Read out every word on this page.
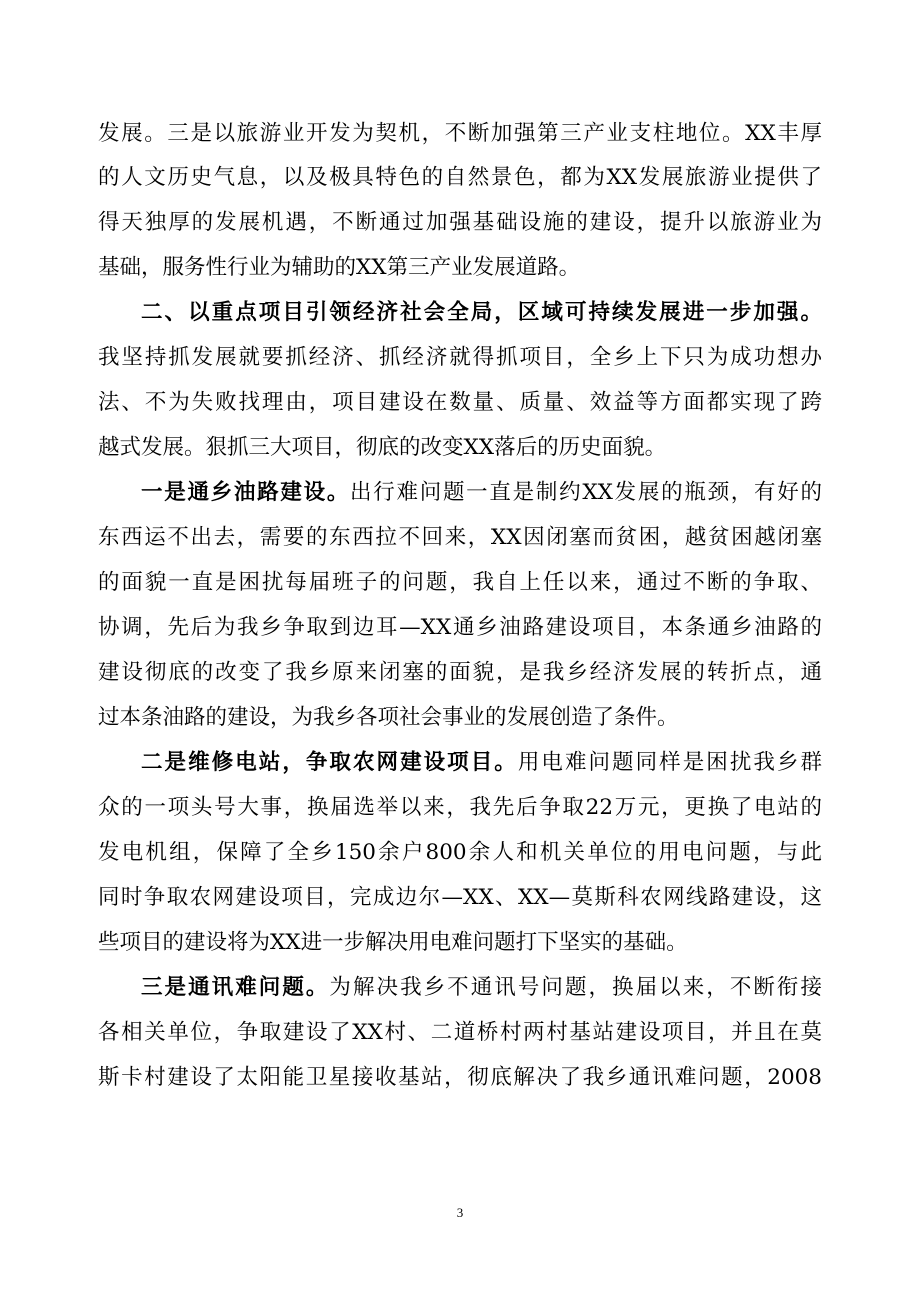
发展。三是以旅游业开发为契机，不断加强第三产业支柱地位。XX丰厚
的人文历史气息，以及极具特色的自然景色，都为XX发展旅游业提供了
得天独厚的发展机遇，不断通过加强基础设施的建设，提升以旅游业为
基础，服务性行业为辅助的XX第三产业发展道路。
二、以重点项目引领经济社会全局，区域可持续发展进一步加强。
我坚持抓发展就要抓经济、抓经济就得抓项目，全乡上下只为成功想办
法、不为失败找理由，项目建设在数量、质量、效益等方面都实现了跨
越式发展。狠抓三大项目，彻底的改变XX落后的历史面貌。
一是通乡油路建设。出行难问题一直是制约XX发展的瓶颈，有好的
东西运不出去，需要的东西拉不回来，XX因闭塞而贫困，越贫困越闭塞
的面貌一直是困扰每届班子的问题，我自上任以来，通过不断的争取、
协调，先后为我乡争取到边耳—XX通乡油路建设项目，本条通乡油路的
建设彻底的改变了我乡原来闭塞的面貌，是我乡经济发展的转折点，通
过本条油路的建设，为我乡各项社会事业的发展创造了条件。
二是维修电站，争取农网建设项目。用电难问题同样是困扰我乡群
众的一项头号大事，换届选举以来，我先后争取22万元，更换了电站的
发电机组，保障了全乡150余户800余人和机关单位的用电问题，与此
同时争取农网建设项目，完成边尔—XX、XX—莫斯科农网线路建设，这
些项目的建设将为XX进一步解决用电难问题打下坚实的基础。
三是通讯难问题。为解决我乡不通讯号问题，换届以来，不断衔接
各相关单位，争取建设了XX村、二道桥村两村基站建设项目，并且在莫
斯卡村建设了太阳能卫星接收基站，彻底解决了我乡通讯难问题，2008
3
